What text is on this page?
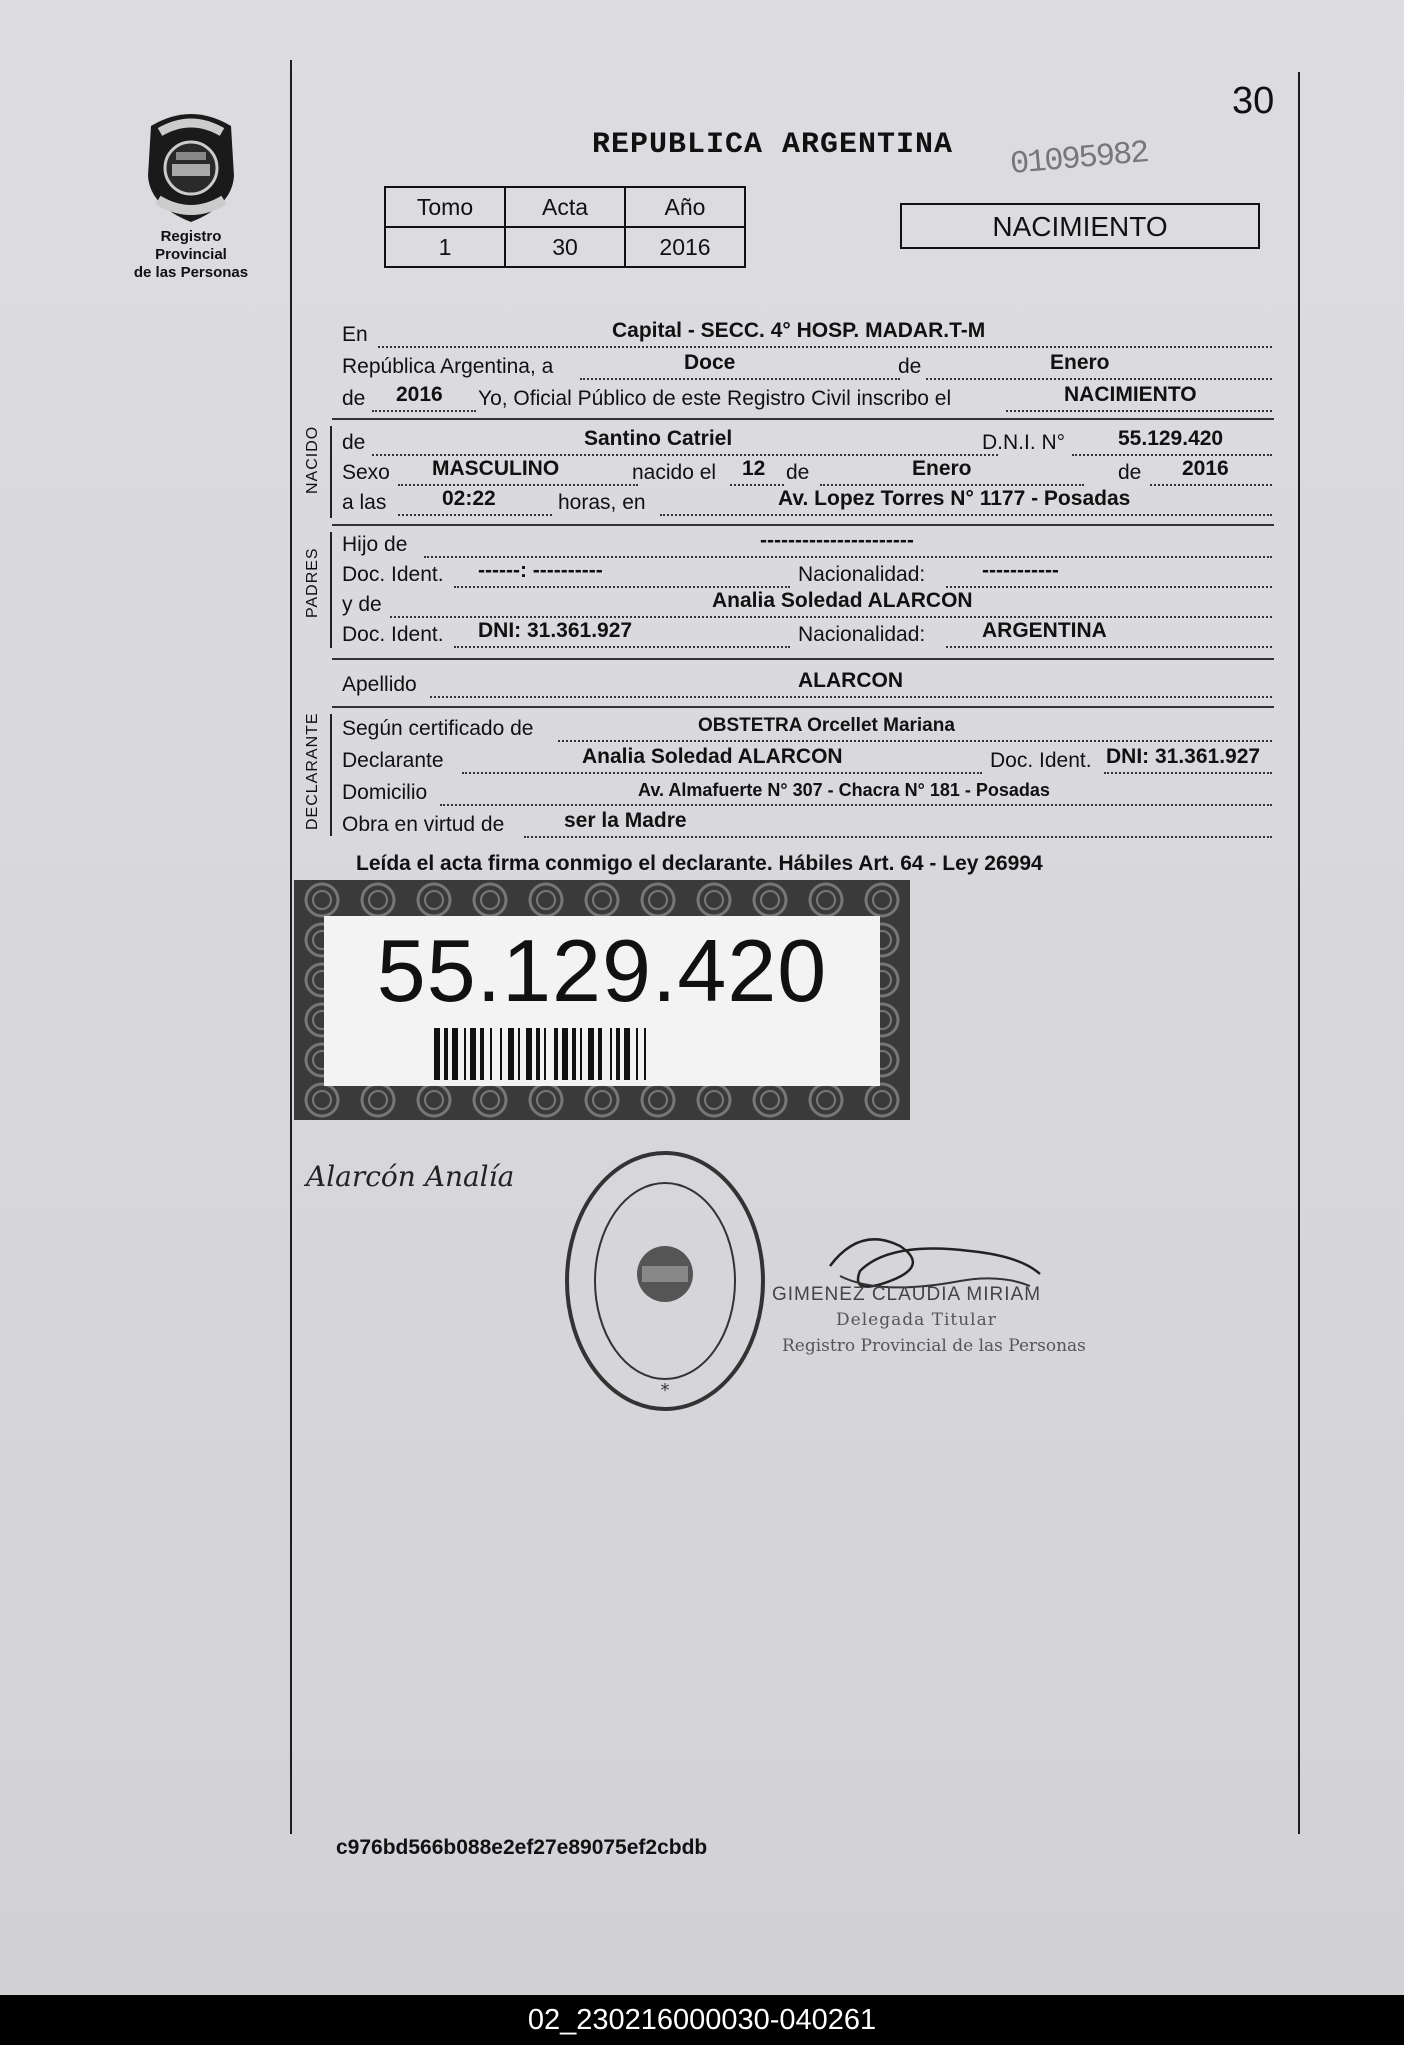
30
Registro Provincial
de las Personas
REPUBLICA ARGENTINA 01095982
Tomo	Acta	Año
1	30	2016
NACIMIENTO
En	Capital - SECC. 4° HOSP. MADAR.T-M
República Argentina, a	Doce	de	Enero
de 2016 Yo, Oficial Público de este Registro Civil inscribo el	NACIMIENTO
NACIDO de	Santino Catriel	D.N.I. N°	55.129.420
Sexo MASCULINO	nacido el 12 de	Enero	de 2016
a las	02:22	horas, en	Av. Lopez Torres N° 1177 - Posadas
PADRES
Hijo de	----------------------
Doc. Ident. ------: ----------	Nacionalidad:	-----------
y de	Analia Soledad ALARCON
Doc. Ident. DNI: 31.361.927	Nacionalidad:	ARGENTINA
Apellido	ALARCON
DECLARANTE Según certificado de	OBSTETRA Orcellet Mariana
Declarante	Analia Soledad ALARCON	Doc. Ident. DNI: 31.361.927
Domicilio	Av. Almafuerte N° 307 - Chacra N° 181 - Posadas
Obra en virtud de	ser la Madre
Leída el acta firma conmigo el declarante. Hábiles Art. 64 - Ley 26994
55.129.420
Alarcón Analía
*
GIMENEZ CLAUDIA MIRIAM
Delegada Titular
Registro Provincial de las Personas
c976bd566b088e2ef27e89075ef2cbdb
02_230216000030-040261
